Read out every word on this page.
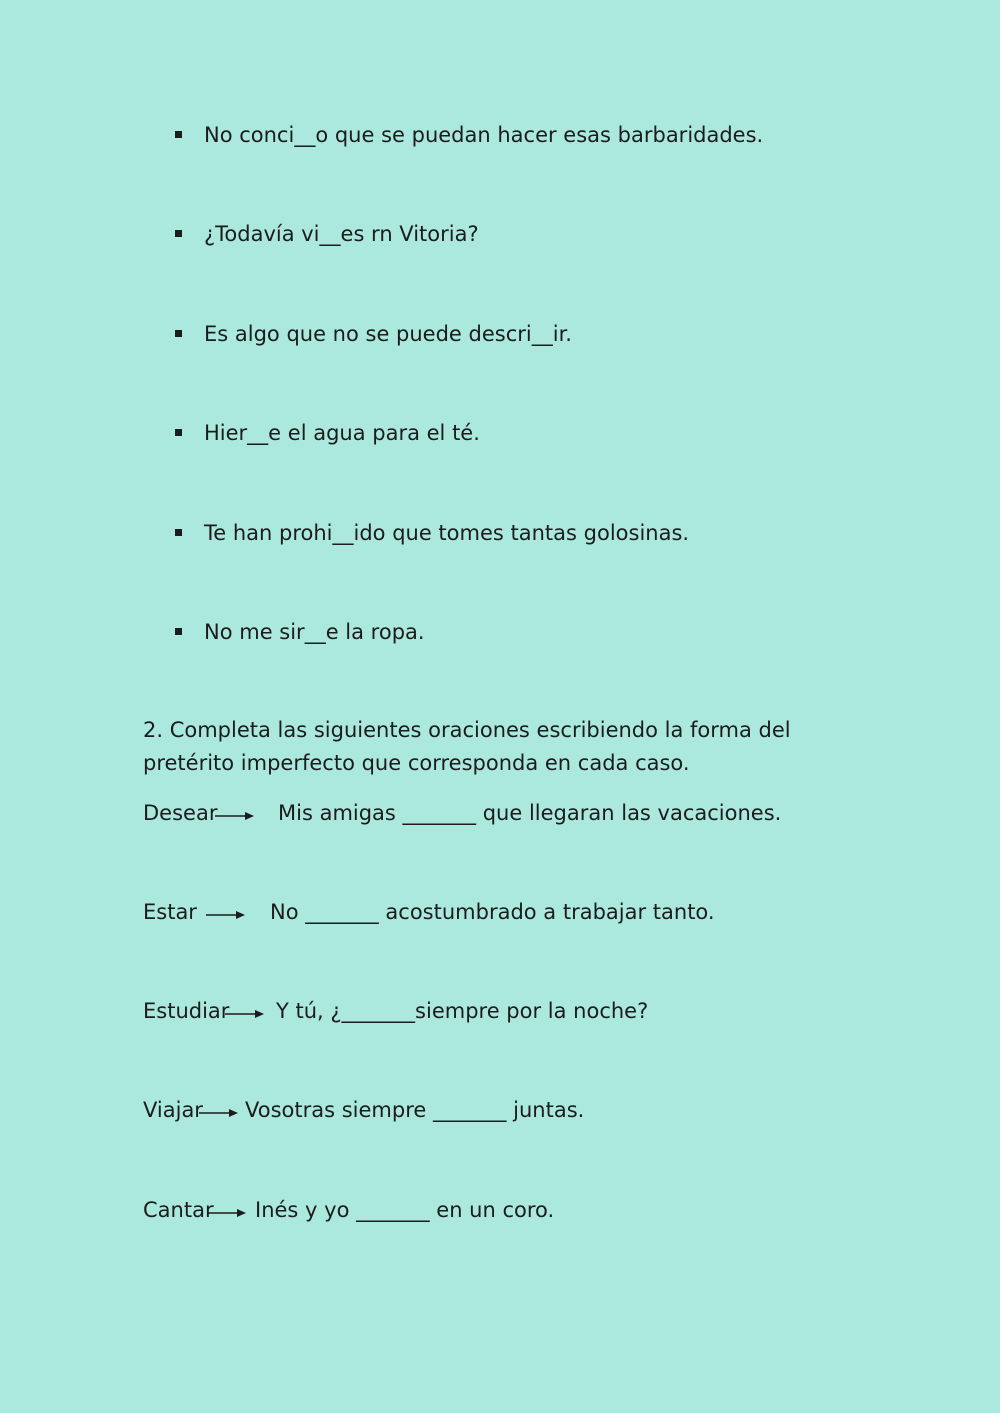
No conci__o que se puedan hacer esas barbaridades.
¿Todavía vi__es rn Vitoria?
Es algo que no se puede descri__ir.
Hier__e el agua para el té.
Te han prohi__ido que tomes tantas golosinas.
No me sir__e la ropa.

2. Completa las siguientes oraciones escribiendo la forma del pretérito imperfecto que corresponda en cada caso.

Desear	Mis amigas _______ que llegaran las vacaciones.
Estar	No _______ acostumbrado a trabajar tanto.
Estudiar Y tú, ¿_______siempre por la noche?
Viajar Vosotras siempre _______ juntas.
Cantar Inés y yo _______ en un coro.
